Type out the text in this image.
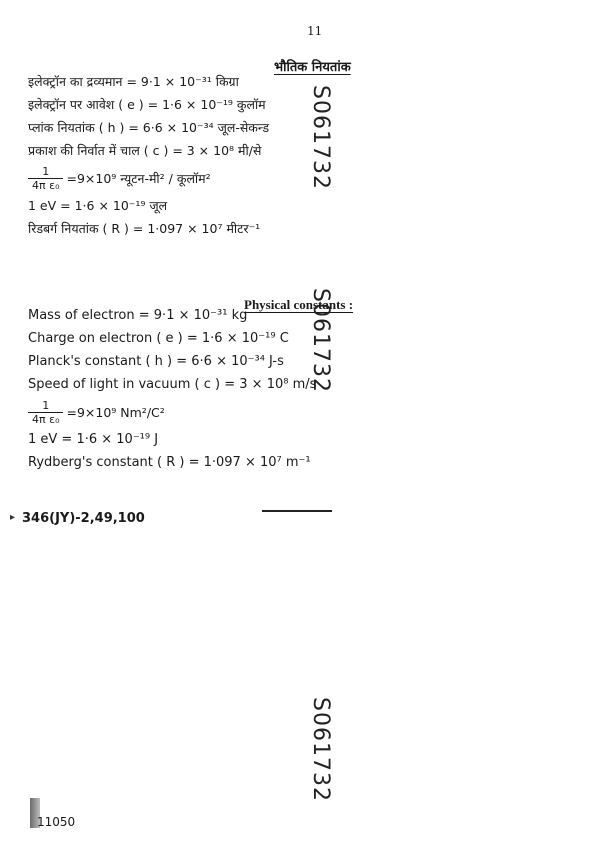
11
भौतिक नियतांक
इलेक्ट्रॉन का द्रव्यमान = 9·1 × 10⁻³¹ किग्रा
इलेक्ट्रॉन पर आवेश ( e ) = 1·6 × 10⁻¹⁹ कुलॉम
प्लांक नियतांक ( h ) = 6·6 × 10⁻³⁴ जूल-सेकन्ड
प्रकाश की निर्वात में चाल ( c ) = 3 × 10⁸ मी/से
$\frac{1}{\text{4π ε₀}} =9\times 10^9$ न्यूटन-मी² / कूलॉम²
1 eV = 1·6 × 10⁻¹⁹ जूल
रिडबर्ग नियतांक ( R ) = 1·097 × 10⁷ मीटर⁻¹
Physical constants :
Mass of electron = 9·1 × 10⁻³¹ kg
Charge on electron ( e ) = 1·6 × 10⁻¹⁹ C
Planck's constant ( h ) = 6·6 × 10⁻³⁴ J-s
Speed of light in vacuum ( c ) = 3 × 10⁸ m/s
$\frac{1}{\text{4π ε₀}} =9\times 10^9$ Nm²/C²
1 eV = 1·6 × 10⁻¹⁹ J
Rydberg's constant ( R ) = 1·097 × 10⁷ m⁻¹
S061732
S061732
S061732
▸ 346(JY)-2,49,100
11050
